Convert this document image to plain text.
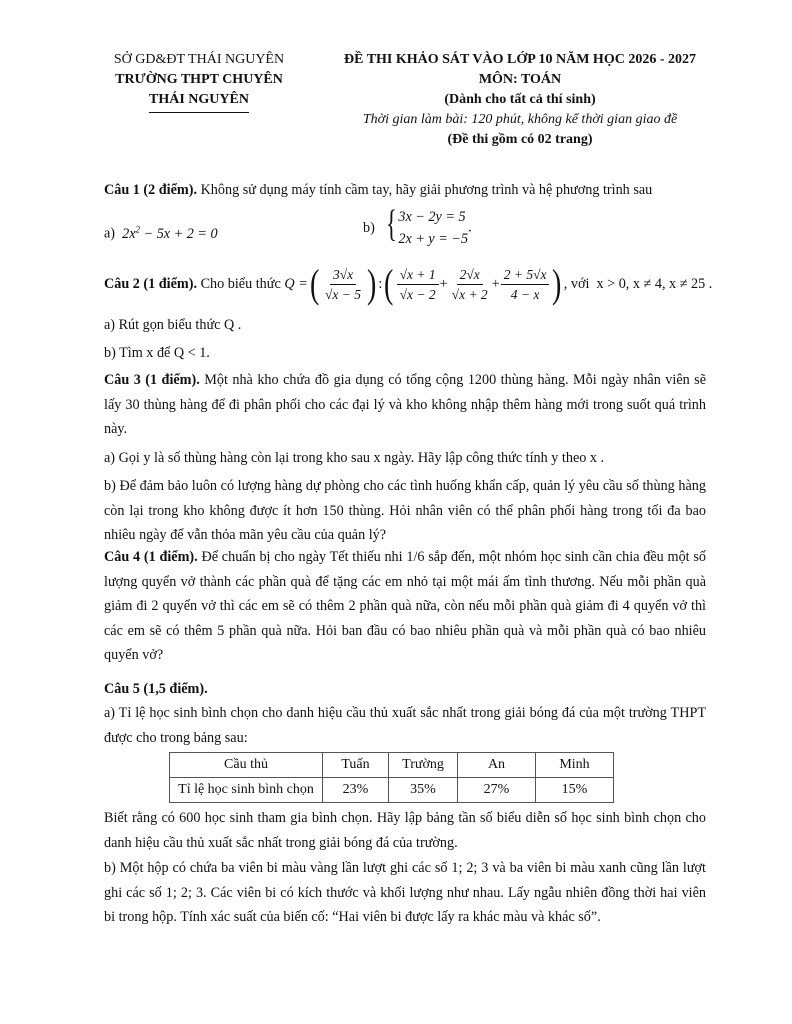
SỞ GD&ĐT THÁI NGUYÊN
TRƯỜNG THPT CHUYÊN
THÁI NGUYÊN
ĐỀ THI KHẢO SÁT VÀO LỚP 10 NĂM HỌC 2026 - 2027
MÔN: TOÁN
(Dành cho tất cả thí sinh)
Thời gian làm bài: 120 phút, không kể thời gian giao đề
(Đề thi gồm có 02 trang)
Câu 1 (2 điểm). Không sử dụng máy tính cầm tay, hãy giải phương trình và hệ phương trình sau
a) $2x^2 - 5x + 2 = 0$	b) { 3x − 2y = 5
2x + y = −5
.
Câu 2 (1 điểm). Cho biểu thức Q = ( $\frac{3√x}{√x - 5}$ ) : ( $\frac{√x + 1}{√x - 2} + \frac{2√x}{√x + 2} + \frac{2 + 5√x}{4 - x}$ ) , với  x > 0, x ≠ 4, x ≠ 25 .
a) Rút gọn biểu thức Q .
b) Tìm x để Q < 1.
Câu 3 (1 điểm). Một nhà kho chứa đồ gia dụng có tổng cộng 1200 thùng hàng. Mỗi ngày nhân viên sẽ lấy 30 thùng hàng để đi phân phối cho các đại lý và kho không nhập thêm hàng mới trong suốt quá trình này.
a) Gọi y là số thùng hàng còn lại trong kho sau x ngày. Hãy lập công thức tính y theo x .
b) Để đảm bảo luôn có lượng hàng dự phòng cho các tình huống khẩn cấp, quản lý yêu cầu số thùng hàng còn lại trong kho không được ít hơn 150 thùng. Hỏi nhân viên có thể phân phối hàng trong tối đa bao nhiêu ngày để vẫn thỏa mãn yêu cầu của quản lý?
Câu 4 (1 điểm). Để chuẩn bị cho ngày Tết thiếu nhi 1/6 sắp đến, một nhóm học sinh cần chia đều một số lượng quyển vở thành các phần quà để tặng các em nhỏ tại một mái ấm tình thương. Nếu mỗi phần quà giảm đi 2 quyển vở thì các em sẽ có thêm 2 phần quà nữa, còn nếu mỗi phần quà giảm đi 4 quyển vở thì các em sẽ có thêm 5 phần quà nữa. Hỏi ban đầu có bao nhiêu phần quà và mỗi phần quà có bao nhiêu quyển vở?
Câu 5 (1,5 điểm).
a) Tỉ lệ học sinh bình chọn cho danh hiệu cầu thủ xuất sắc nhất trong giải bóng đá của một trường THPT được cho trong bảng sau:
Cầu thủ	Tuấn	Trường	An	Minh
Tỉ lệ học sinh bình chọn	23%	35%	27%	15%
Biết rằng có 600 học sinh tham gia bình chọn. Hãy lập bảng tần số biểu diễn số học sinh bình chọn cho danh hiệu cầu thủ xuất sắc nhất trong giải bóng đá của trường.
b) Một hộp có chứa ba viên bi màu vàng lần lượt ghi các số 1; 2; 3 và ba viên bi màu xanh cũng lần lượt ghi các số 1; 2; 3. Các viên bi có kích thước và khối lượng như nhau. Lấy ngẫu nhiên đồng thời hai viên bi trong hộp. Tính xác suất của biến cố: “Hai viên bi được lấy ra khác màu và khác số”.
